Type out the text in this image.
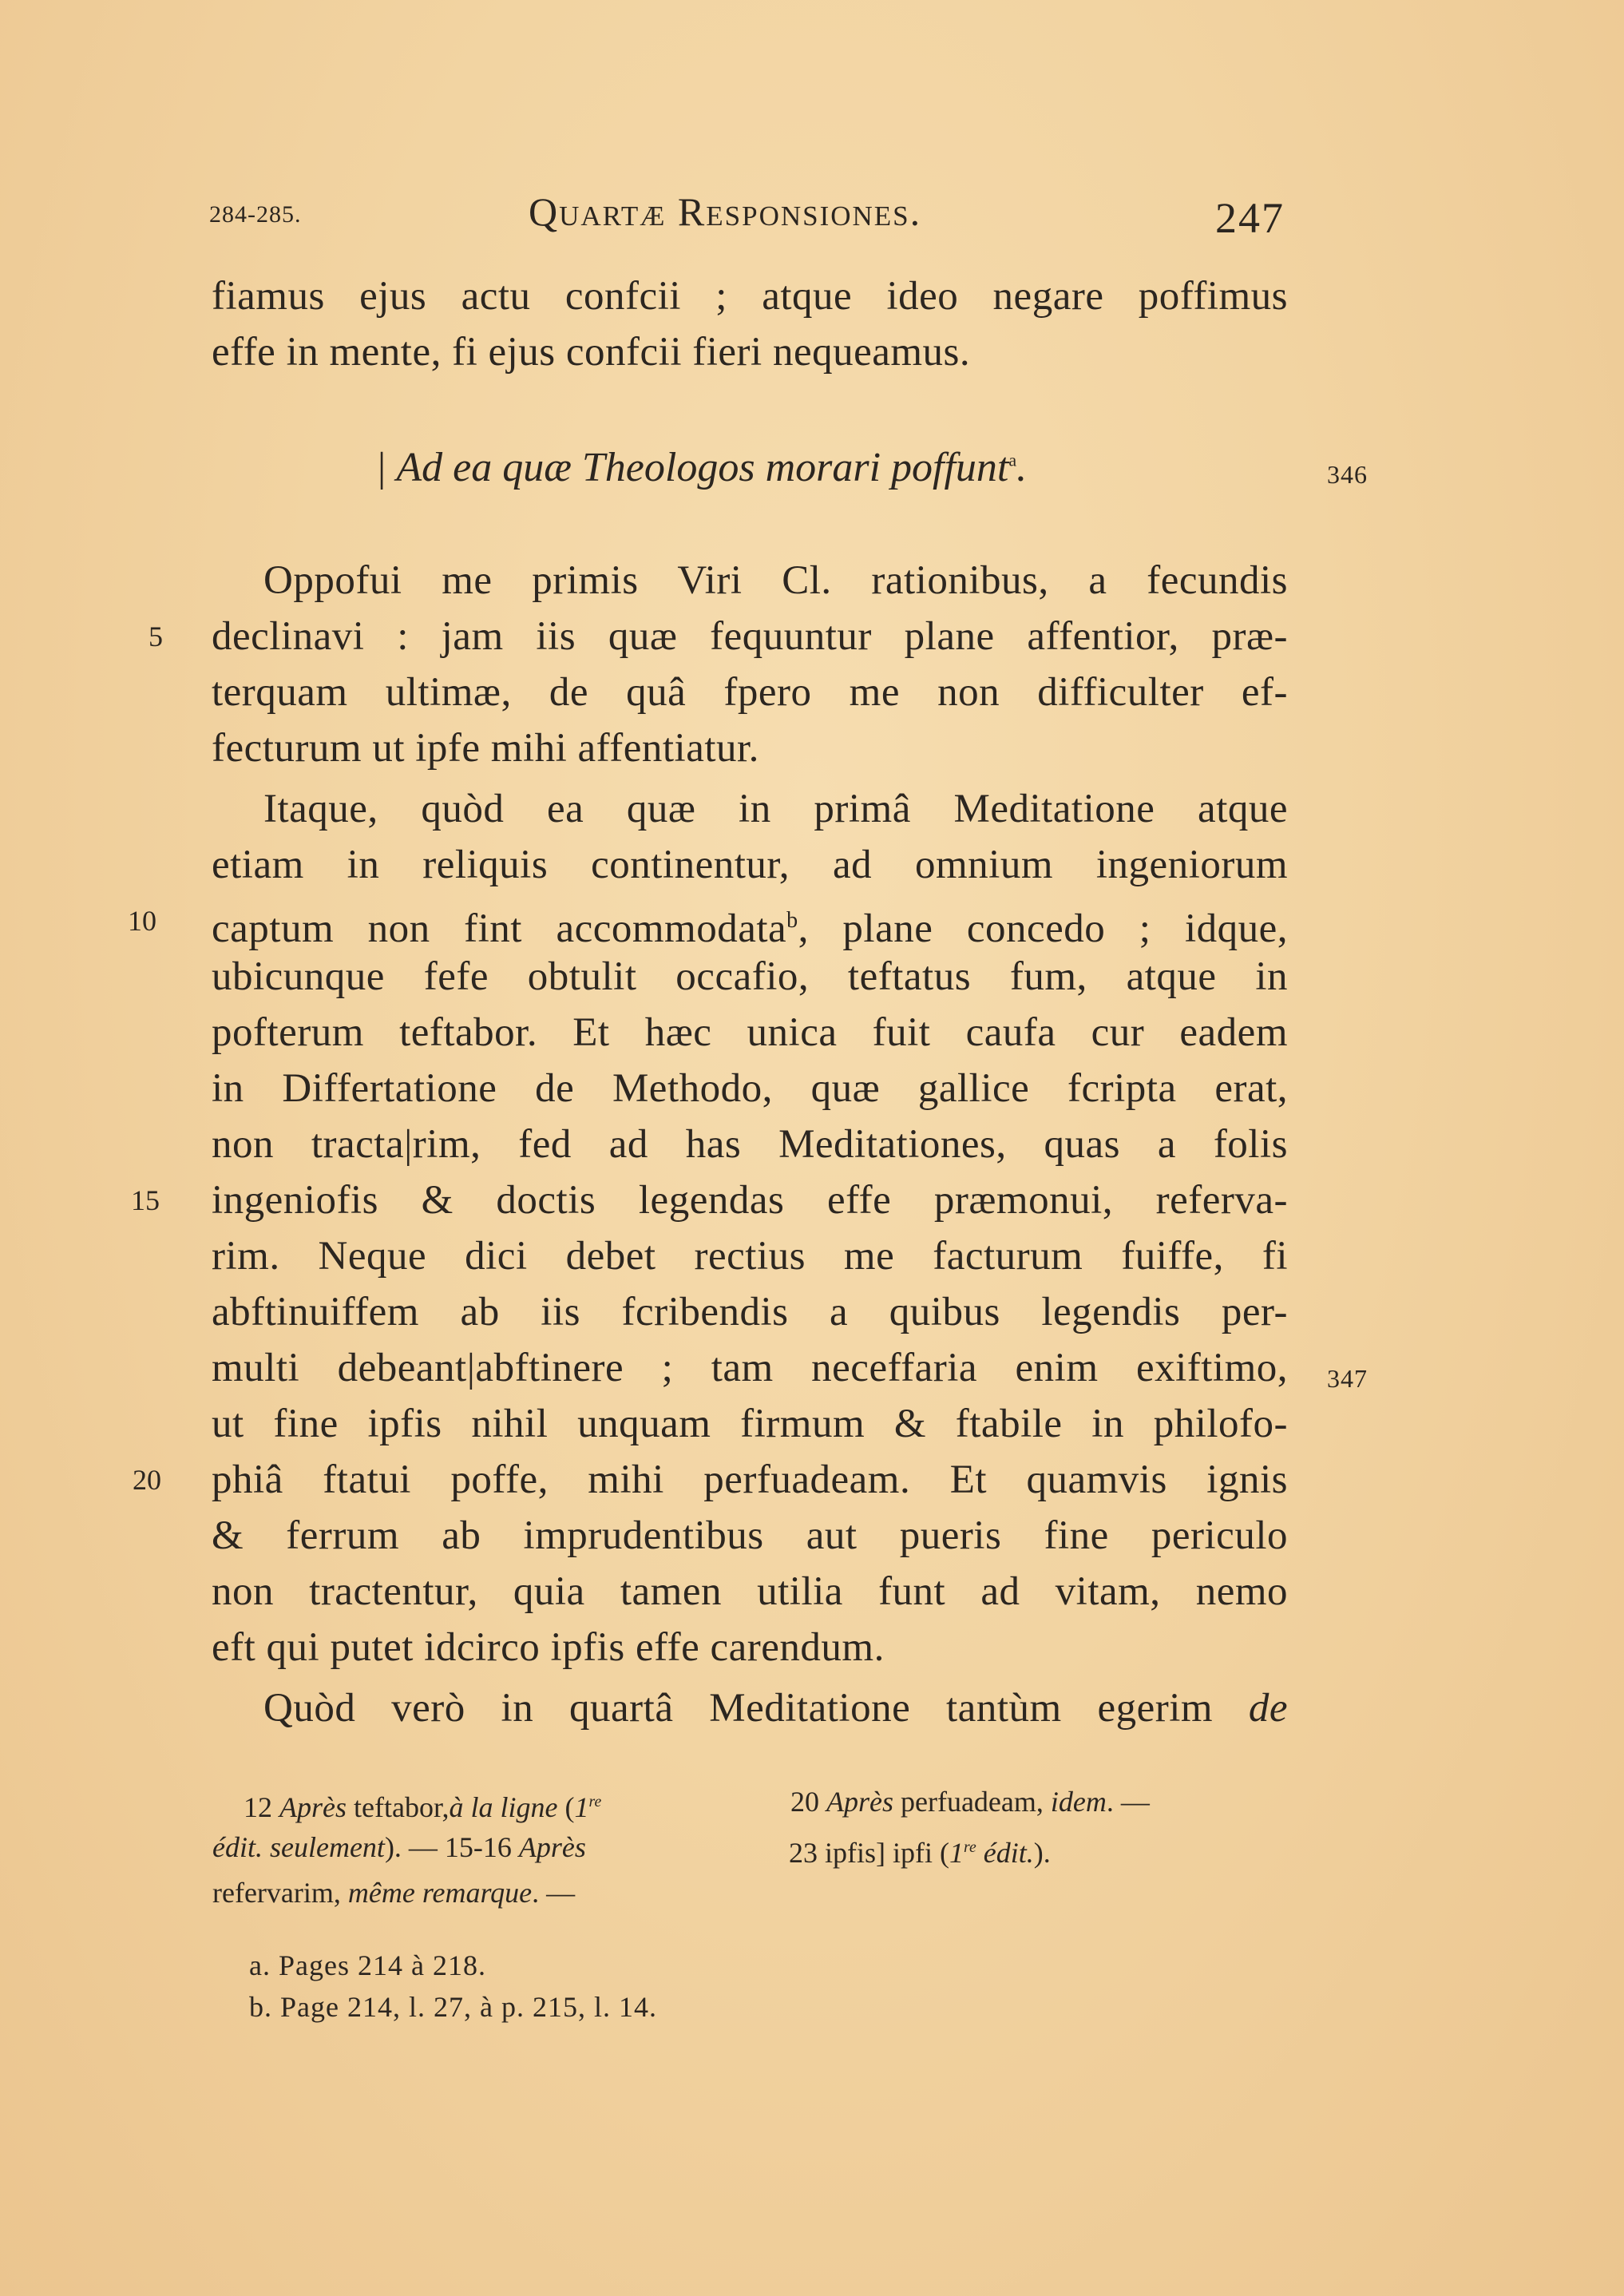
284-285.	Quartæ Responsiones.	247
fiamus ejus actu confcii ; atque ideo negare poffimus
effe in mente, fi ejus confcii fieri nequeamus.
| Ad ea quæ Theologos morari poffunt$^a$.	346
Oppofui me primis Viri Cl. rationibus, a fecundis
declinavi : jam iis quæ fequuntur plane affentior, præ-
terquam ultimæ, de quâ fpero me non difficulter ef-
fecturum ut ipfe mihi affentiatur.
5
Itaque, quòd ea quæ in primâ Meditatione atque
etiam in reliquis continentur, ad omnium ingeniorum
captum non fint accommodata$^b$, plane concedo ; idque,
ubicunque fefe obtulit occafio, teftatus fum, atque in
pofterum teftabor. Et hæc unica fuit caufa cur eadem
in Differtatione de Methodo, quæ gallice fcripta erat,
non tracta|rim, fed ad has Meditationes, quas a folis
ingeniofis & doctis legendas effe præmonui, referva-
rim. Neque dici debet rectius me facturum fuiffe, fi
abftinuiffem ab iis fcribendis a quibus legendis per-
multi debeant|abftinere ; tam neceffaria enim exiftimo,
ut fine ipfis nihil unquam firmum & ftabile in philofo-
phiâ ftatui poffe, mihi perfuadeam. Et quamvis ignis
& ferrum ab imprudentibus aut pueris fine periculo
non tractentur, quia tamen utilia funt ad vitam, nemo
eft qui putet idcirco ipfis effe carendum.
10
15
20
347
Quòd verò in quartâ Meditatione tantùm egerim de
12 Après teftabor,à la ligne (1re
édit. seulement). — 15-16 Après
refervarim, même remarque. —
20 Après perfuadeam, idem. —
23 ipfis] ipfi (1re édit.).
a. Pages 214 à 218.
b. Page 214, l. 27, à p. 215, l. 14.
